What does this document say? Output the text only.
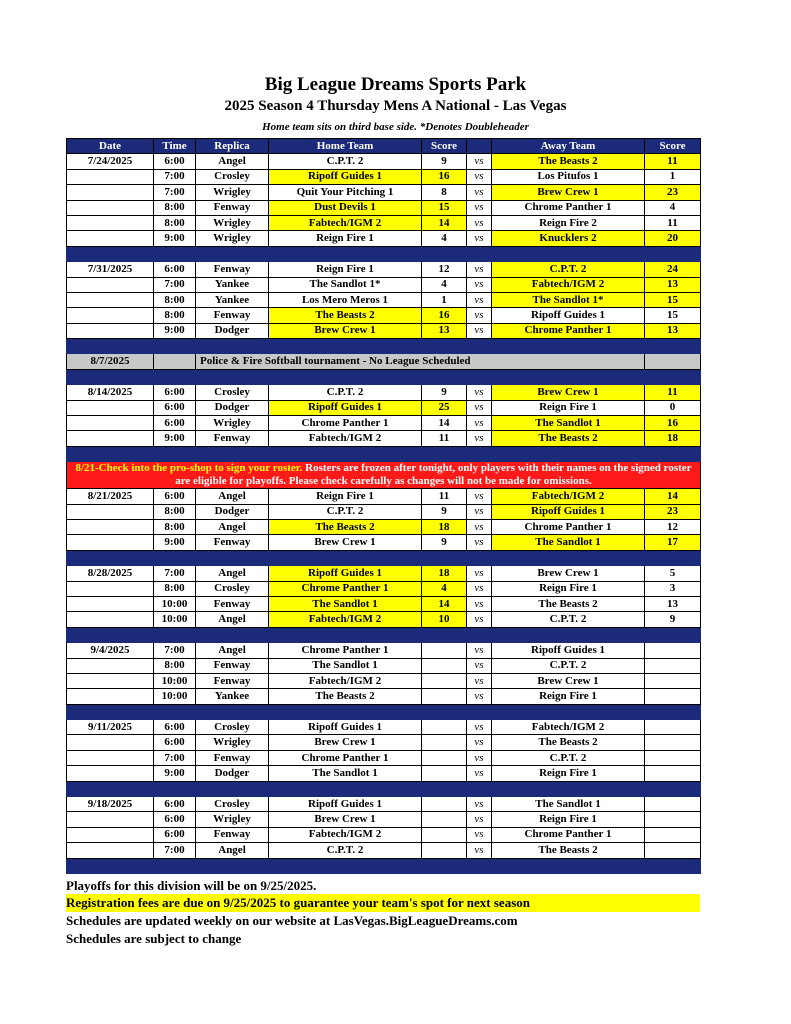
Big League Dreams Sports Park
2025 Season 4 Thursday Mens A National - Las Vegas
Home team sits on third base side. *Denotes Doubleheader
Date	Time	Replica	Home Team	Score		Away Team	Score
7/24/2025	6:00	Angel	C.P.T. 2	9	vs	The Beasts 2	11
	7:00	Crosley	Ripoff Guides 1	16	vs	Los Pitufos 1	1
	7:00	Wrigley	Quit Your Pitching 1	8	vs	Brew Crew 1	23
	8:00	Fenway	Dust Devils 1	15	vs	Chrome Panther 1	4
	8:00	Wrigley	Fabtech/IGM 2	14	vs	Reign Fire 2	11
	9:00	Wrigley	Reign Fire 1	4	vs	Knucklers 2	20

7/31/2025	6:00	Fenway	Reign Fire 1	12	vs	C.P.T. 2	24
	7:00	Yankee	The Sandlot 1*	4	vs	Fabtech/IGM 2	13
	8:00	Yankee	Los Mero Meros 1	1	vs	The Sandlot 1*	15
	8:00	Fenway	The Beasts 2	16	vs	Ripoff Guides 1	15
	9:00	Dodger	Brew Crew 1	13	vs	Chrome Panther 1	13

8/7/2025		Police & Fire Softball tournament - No League Scheduled					

8/14/2025	6:00	Crosley	C.P.T. 2	9	vs	Brew Crew 1	11
	6:00	Dodger	Ripoff Guides 1	25	vs	Reign Fire 1	0
	6:00	Wrigley	Chrome Panther 1	14	vs	The Sandlot 1	16
	9:00	Fenway	Fabtech/IGM 2	11	vs	The Beasts 2	18

8/21-Check into the pro-shop to sign your roster. Rosters are frozen after tonight, only players with their names on the signed roster are eligible for playoffs. Please check carefully as changes will not be made for omissions.							
8/21/2025	6:00	Angel	Reign Fire 1	11	vs	Fabtech/IGM 2	14
	8:00	Dodger	C.P.T. 2	9	vs	Ripoff Guides 1	23
	8:00	Angel	The Beasts 2	18	vs	Chrome Panther 1	12
	9:00	Fenway	Brew Crew 1	9	vs	The Sandlot 1	17

8/28/2025	7:00	Angel	Ripoff Guides 1	18	vs	Brew Crew 1	5
	8:00	Crosley	Chrome Panther 1	4	vs	Reign Fire 1	3
	10:00	Fenway	The Sandlot 1	14	vs	The Beasts 2	13
	10:00	Angel	Fabtech/IGM 2	10	vs	C.P.T. 2	9

9/4/2025	7:00	Angel	Chrome Panther 1		vs	Ripoff Guides 1	
	8:00	Fenway	The Sandlot 1		vs	C.P.T. 2	
	10:00	Fenway	Fabtech/IGM 2		vs	Brew Crew 1	
	10:00	Yankee	The Beasts 2		vs	Reign Fire 1	

9/11/2025	6:00	Crosley	Ripoff Guides 1		vs	Fabtech/IGM 2	
	6:00	Wrigley	Brew Crew 1		vs	The Beasts 2	
	7:00	Fenway	Chrome Panther 1		vs	C.P.T. 2	
	9:00	Dodger	The Sandlot 1		vs	Reign Fire 1	

9/18/2025	6:00	Crosley	Ripoff Guides 1		vs	The Sandlot 1	
	6:00	Wrigley	Brew Crew 1		vs	Reign Fire 1	
	6:00	Fenway	Fabtech/IGM 2		vs	Chrome Panther 1	
	7:00	Angel	C.P.T. 2		vs	The Beasts 2	

Playoffs for this division will be on 9/25/2025.
Registration fees are due on 9/25/2025 to guarantee your team's spot for next season
Schedules are updated weekly on our website at LasVegas.BigLeagueDreams.com
Schedules are subject to change
